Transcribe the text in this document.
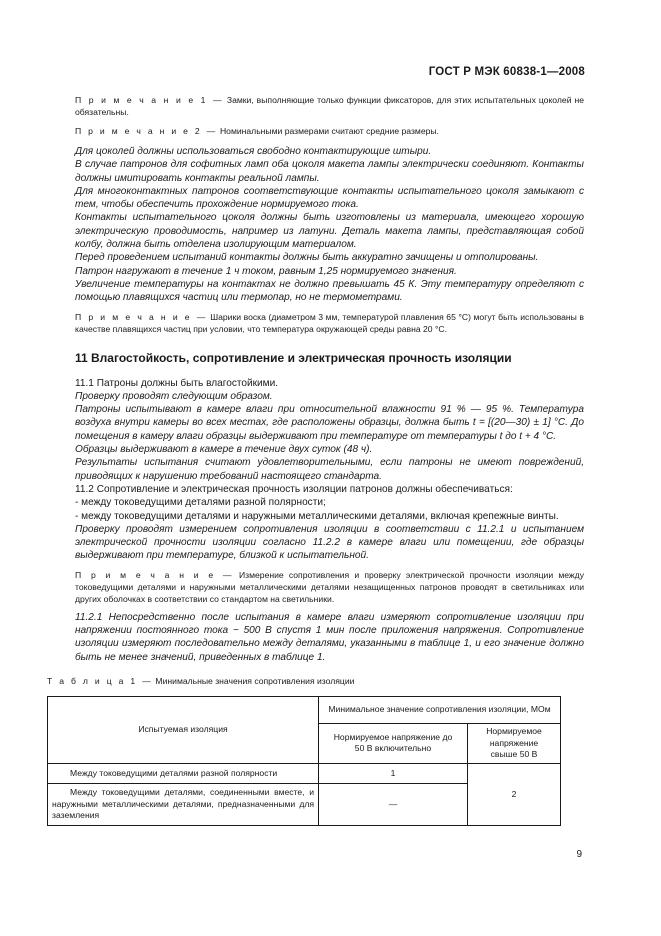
ГОСТ Р МЭК 60838-1—2008

П р и м е ч а н и е 1 — Замки, выполняющие только функции фиксаторов, для этих испытательных цоколей не обязательны.

П р и м е ч а н и е 2 — Номинальными размерами считают средние размеры.

Для цоколей должны использоваться свободно контактирующие штыри.

В случае патронов для софитных ламп оба цоколя макета лампы электрически соединяют. Контакты должны имитировать контакты реальной лампы.

Для многоконтактных патронов соответствующие контакты испытательного цоколя замыкают с тем, чтобы обеспечить прохождение нормируемого тока.

Контакты испытательного цоколя должны быть изготовлены из материала, имеющего хорошую электрическую проводимость, например из латуни. Деталь макета лампы, представляющая собой колбу, должна быть отделена изолирующим материалом.

Перед проведением испытаний контакты должны быть аккуратно зачищены и отполированы.

Патрон нагружают в течение 1 ч током, равным 1,25 нормируемого значения.

Увеличение температуры на контактах не должно превышать 45 К. Эту температуру определяют с помощью плавящихся частиц или термопар, но не термометрами.

П р и м е ч а н и е — Шарики воска (диаметром 3 мм, температурой плавления 65 °С) могут быть использованы в качестве плавящихся частиц при условии, что температура окружающей среды равна 20 °С.

11 Влагостойкость, сопротивление и электрическая прочность изоляции

11.1 Патроны должны быть влагостойкими.

Проверку проводят следующим образом.

Патроны испытывают в камере влаги при относительной влажности 91 % — 95 %. Температура воздуха внутри камеры во всех местах, где расположены образцы, должна быть t = [(20—30) ± 1] °С. До помещения в камеру влаги образцы выдерживают при температуре от температуры t до t + 4 °С.

Образцы выдерживают в камере в течение двух суток (48 ч).

Результаты испытания считают удовлетворительными, если патроны не имеют повреждений, приводящих к нарушению требований настоящего стандарта.

11.2 Сопротивление и электрическая прочность изоляции патронов должны обеспечиваться:

- между токоведущими деталями разной полярности;

- между токоведущими деталями и наружными металлическими деталями, включая крепежные винты.

Проверку проводят измерением сопротивления изоляции в соответствии с 11.2.1 и испытанием электрической прочности изоляции согласно 11.2.2 в камере влаги или помещении, где образцы выдерживают при температуре, близкой к испытательной.

П р и м е ч а н и е — Измерение сопротивления и проверку электрической прочности изоляции между токоведущими деталями и наружными металлическими деталями незащищенных патронов проводят в светильниках или других оболочках в соответствии со стандартом на светильники.

11.2.1 Непосредственно после испытания в камере влаги измеряют сопротивление изоляции при напряжении постоянного тока ~ 500 В спустя 1 мин после приложения напряжения. Сопротивление изоляции измеряют последовательно между деталями, указанными в таблице 1, и его значение должно быть не менее значений, приведенных в таблице 1.

Т а б л и ц а 1 — Минимальные значения сопротивления изоляции

Испытуемая изоляция	Минимальное значение сопротивления изоляции, МОм	
	Нормируемое напряжение до 50 В включительно	Нормируемое напряжение свыше 50 В
Между токоведущими деталями разной полярности	1	2
Между токоведущими деталями, соединенными вместе, и наружными металлическими деталями, предназначенными для заземления	—	
9
